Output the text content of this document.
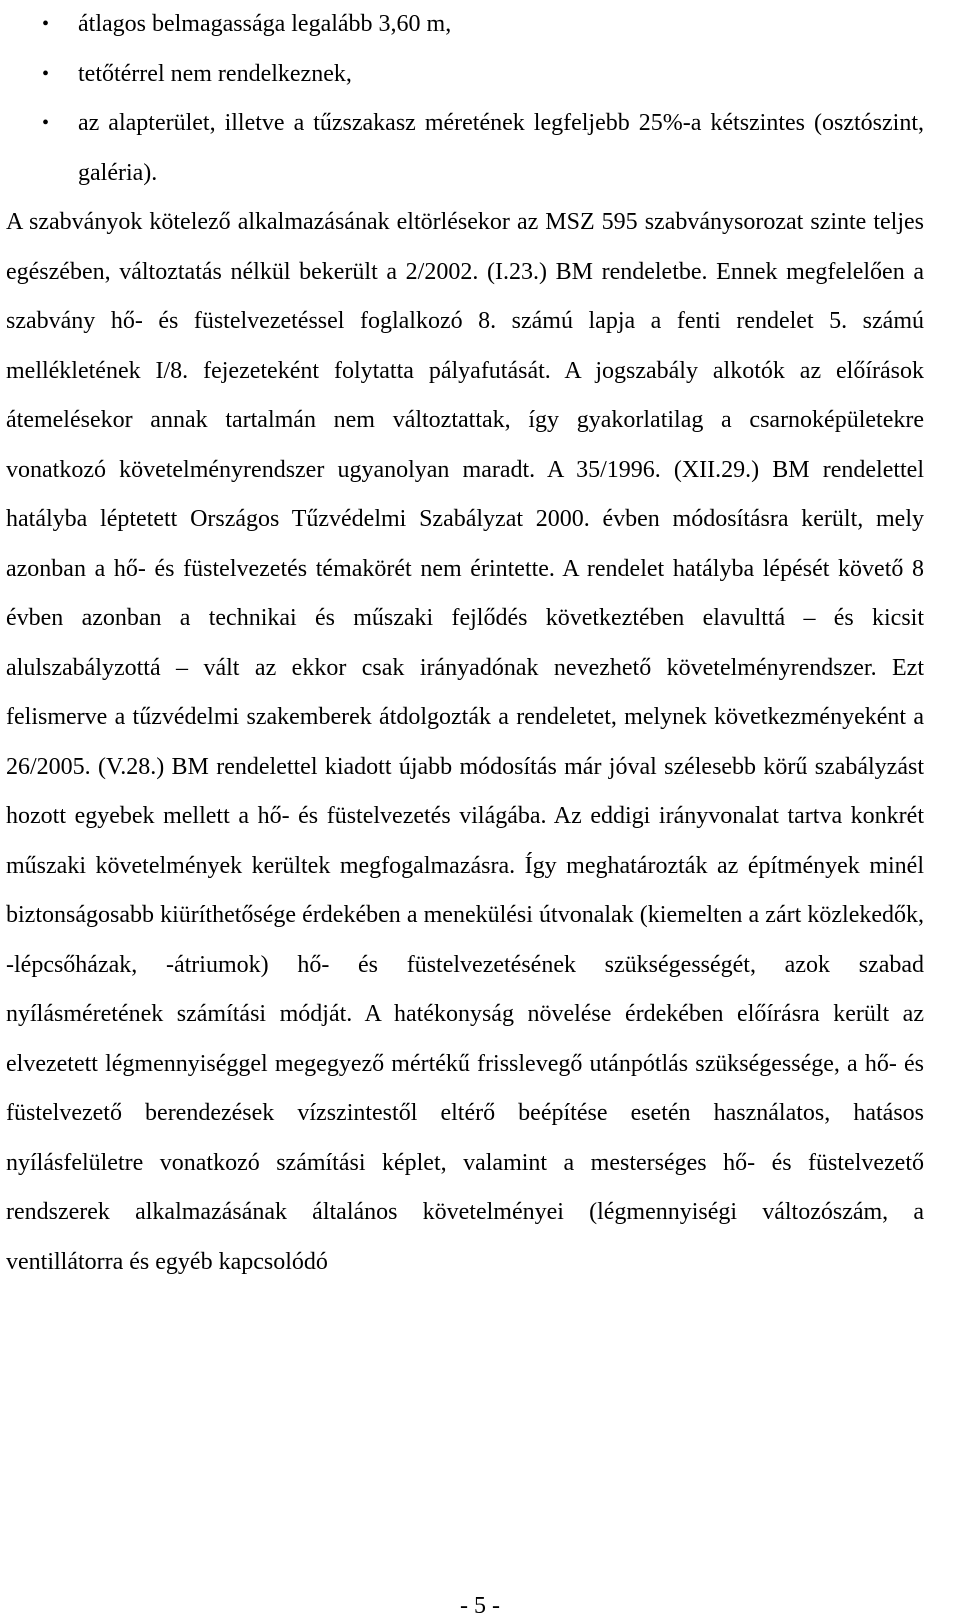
• átlagos belmagassága legalább 3,60 m,
• tetőtérrel nem rendelkeznek,
• az alapterület, illetve a tűzszakasz méretének legfeljebb 25%-a kétszintes (osztószint, galéria).

A szabványok kötelező alkalmazásának eltörlésekor az MSZ 595 szabványsorozat szinte teljes egészében, változtatás nélkül bekerült a 2/2002. (I.23.) BM rendeletbe. Ennek megfelelően a szabvány hő- és füstelvezetéssel foglalkozó 8. számú lapja a fenti rendelet 5. számú mellékletének I/8. fejezeteként folytatta pályafutását. A jogszabály alkotók az előírások átemelésekor annak tartalmán nem változtattak, így gyakorlatilag a csarnoképületekre vonatkozó követelményrendszer ugyanolyan maradt. A 35/1996. (XII.29.) BM rendelettel hatályba léptetett Országos Tűzvédelmi Szabályzat 2000. évben módosításra került, mely azonban a hő- és füstelvezetés témakörét nem érintette. A rendelet hatályba lépését követő 8 évben azonban a technikai és műszaki fejlődés következtében elavulttá – és kicsit alulszabályzottá – vált az ekkor csak irányadónak nevezhető követelményrendszer. Ezt felismerve a tűzvédelmi szakemberek átdolgozták a rendeletet, melynek következményeként a 26/2005. (V.28.) BM rendelettel kiadott újabb módosítás már jóval szélesebb körű szabályzást hozott egyebek mellett a hő- és füstelvezetés világába. Az eddigi irányvonalat tartva konkrét műszaki követelmények kerültek megfogalmazásra. Így meghatározták az építmények minél biztonságosabb kiüríthetősége érdekében a menekülési útvonalak (kiemelten a zárt közlekedők, -lépcsőházak, -átriumok) hő- és füstelvezetésének szükségességét, azok szabad nyílásméretének számítási módját. A hatékonyság növelése érdekében előírásra került az elvezetett légmennyiséggel megegyező mértékű frisslevegő utánpótlás szükségessége, a hő- és füstelvezető berendezések vízszintestől eltérő beépítése esetén használatos, hatásos nyílásfelületre vonatkozó számítási képlet, valamint a mesterséges hő- és füstelvezető rendszerek alkalmazásának általános követelményei (légmennyiségi változószám, a ventillátorra és egyéb kapcsolódó

- 5 -
